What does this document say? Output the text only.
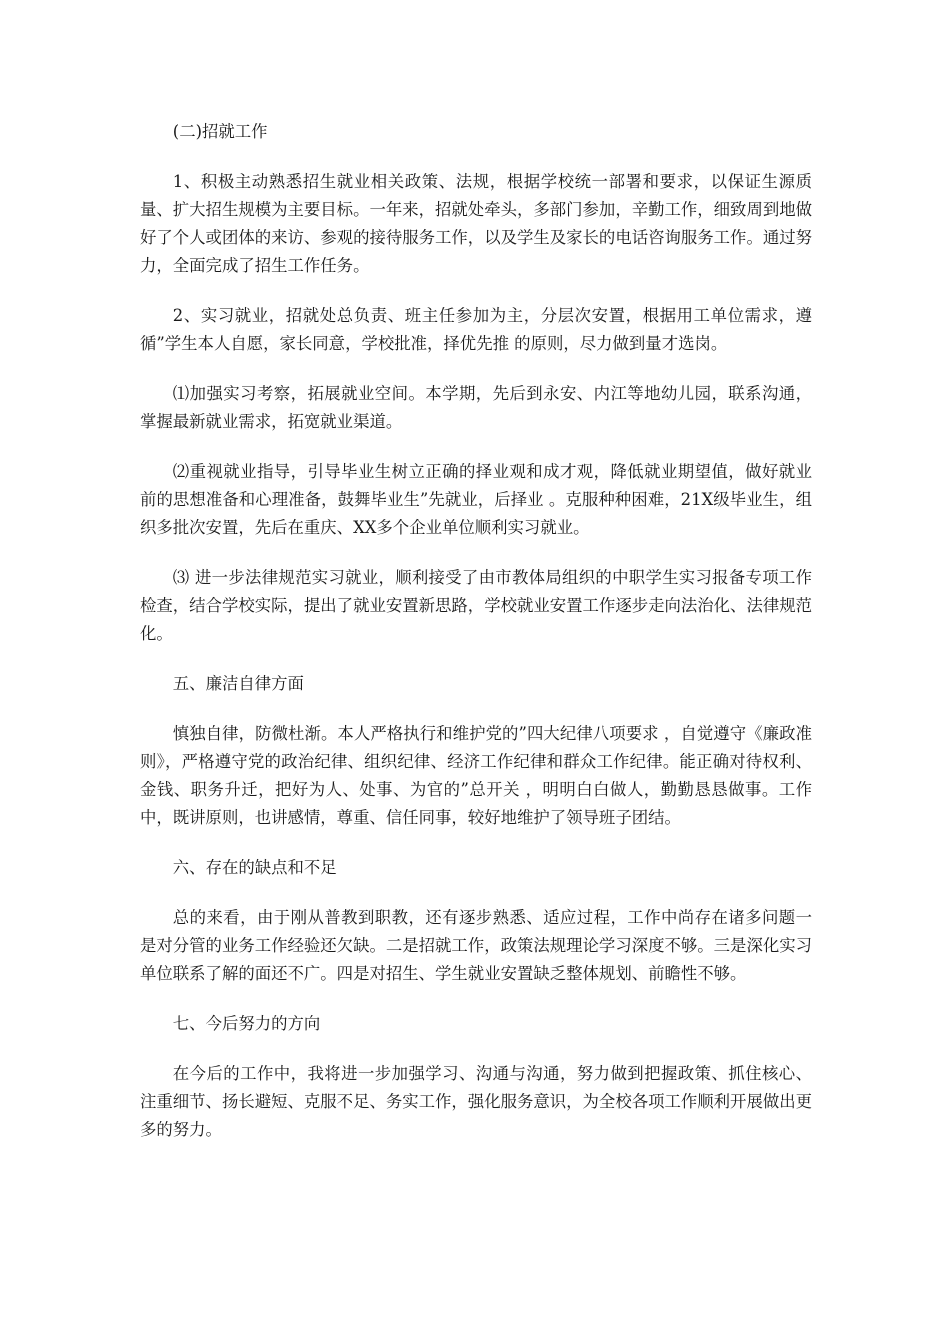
(二)招就工作

1、积极主动熟悉招生就业相关政策、法规，根据学校统一部署和要求，以保证生源质量、扩大招生规模为主要目标。一年来，招就处牵头，多部门参加，辛勤工作，细致周到地做好了个人或团体的来访、参观的接待服务工作，以及学生及家长的电话咨询服务工作。通过努力，全面完成了招生工作任务。

2、实习就业，招就处总负责、班主任参加为主，分层次安置，根据用工单位需求，遵循”学生本人自愿，家长同意，学校批准，择优先推 的原则，尽力做到量才选岗。

⑴加强实习考察，拓展就业空间。本学期，先后到永安、内江等地幼儿园，联系沟通，掌握最新就业需求，拓宽就业渠道。

⑵重视就业指导，引导毕业生树立正确的择业观和成才观，降低就业期望值，做好就业前的思想准备和心理准备，鼓舞毕业生”先就业，后择业 。克服种种困难，21X级毕业生，组织多批次安置，先后在重庆、XX多个企业单位顺利实习就业。

⑶ 进一步法律规范实习就业，顺利接受了由市教体局组织的中职学生实习报备专项工作检查，结合学校实际，提出了就业安置新思路，学校就业安置工作逐步走向法治化、法律规范化。

五、廉洁自律方面

慎独自律，防微杜渐。本人严格执行和维护党的”四大纪律八项要求 ，自觉遵守《廉政准则》，严格遵守党的政治纪律、组织纪律、经济工作纪律和群众工作纪律。能正确对待权利、金钱、职务升迁，把好为人、处事、为官的”总开关 ，明明白白做人，勤勤恳恳做事。工作中，既讲原则，也讲感情，尊重、信任同事，较好地维护了领导班子团结。

六、存在的缺点和不足

总的来看，由于刚从普教到职教，还有逐步熟悉、适应过程，工作中尚存在诸多问题一是对分管的业务工作经验还欠缺。二是招就工作，政策法规理论学习深度不够。三是深化实习单位联系了解的面还不广。四是对招生、学生就业安置缺乏整体规划、前瞻性不够。

七、今后努力的方向

在今后的工作中，我将进一步加强学习、沟通与沟通，努力做到把握政策、抓住核心、注重细节、扬长避短、克服不足、务实工作，强化服务意识，为全校各项工作顺利开展做出更多的努力。
